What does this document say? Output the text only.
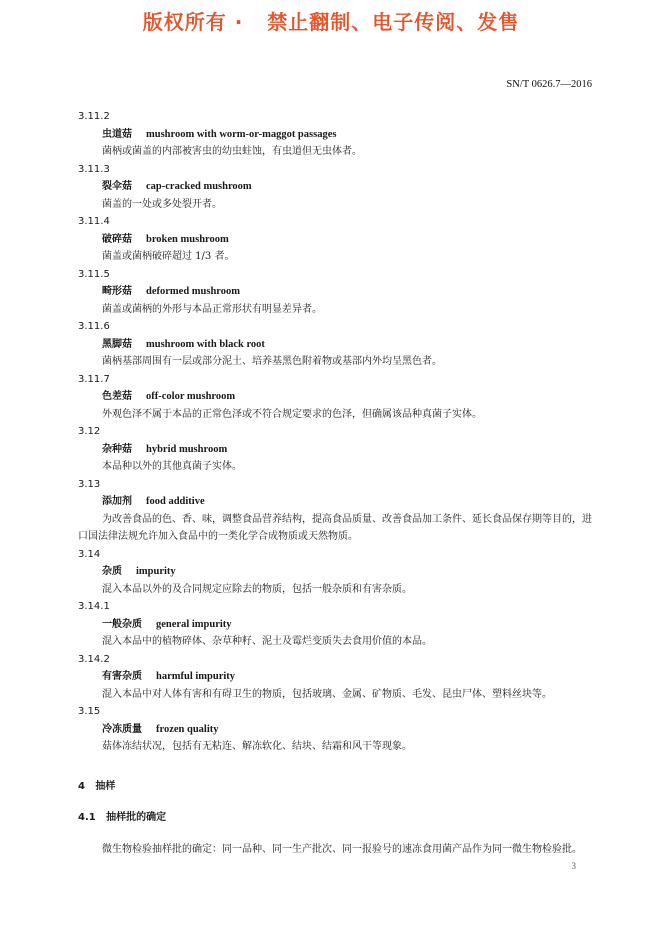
版权所有 ·   禁止翻制、电子传阅、发售
SN/T 0626.7—2016
3.11.2
虫道菇 mushroom with worm-or-maggot passages
菌柄或菌盖的内部被害虫的幼虫蛀蚀，有虫道但无虫体者。
3.11.3
裂伞菇 cap-cracked mushroom
菌盖的一处或多处裂开者。
3.11.4
破碎菇 broken mushroom
菌盖或菌柄破碎超过 1/3 者。
3.11.5
畸形菇 deformed mushroom
菌盖或菌柄的外形与本品正常形状有明显差异者。
3.11.6
黑脚菇 mushroom with black root
菌柄基部周围有一层或部分泥土、培养基黑色附着物或基部内外均呈黑色者。
3.11.7
色差菇 off-color mushroom
外观色泽不属于本品的正常色泽或不符合规定要求的色泽，但确属该品种真菌子实体。
3.12
杂种菇 hybrid mushroom
本品种以外的其他真菌子实体。
3.13
添加剂 food additive
为改善食品的色、香、味，调整食品营养结构，提高食品质量、改善食品加工条件、延长食品保存期等目的，进口国法律法规允许加入食品中的一类化学合成物质或天然物质。
3.14
杂质 impurity
混入本品以外的及合同规定应除去的物质，包括一般杂质和有害杂质。
3.14.1
一般杂质 general impurity
混入本品中的植物碎体、杂草种籽、泥土及霉烂变质失去食用价值的本品。
3.14.2
有害杂质 harmful impurity
混入本品中对人体有害和有碍卫生的物质，包括玻璃、金属、矿物质、毛发、昆虫尸体、塑料丝块等。
3.15
冷冻质量 frozen quality
菇体冻结状况，包括有无粘连、解冻软化、结块、结霜和风干等现象。
4   抽样
4.1   抽样批的确定
微生物检验抽样批的确定：同一品种、同一生产批次、同一报验号的速冻食用菌产品作为同一微生物检验批。
3
